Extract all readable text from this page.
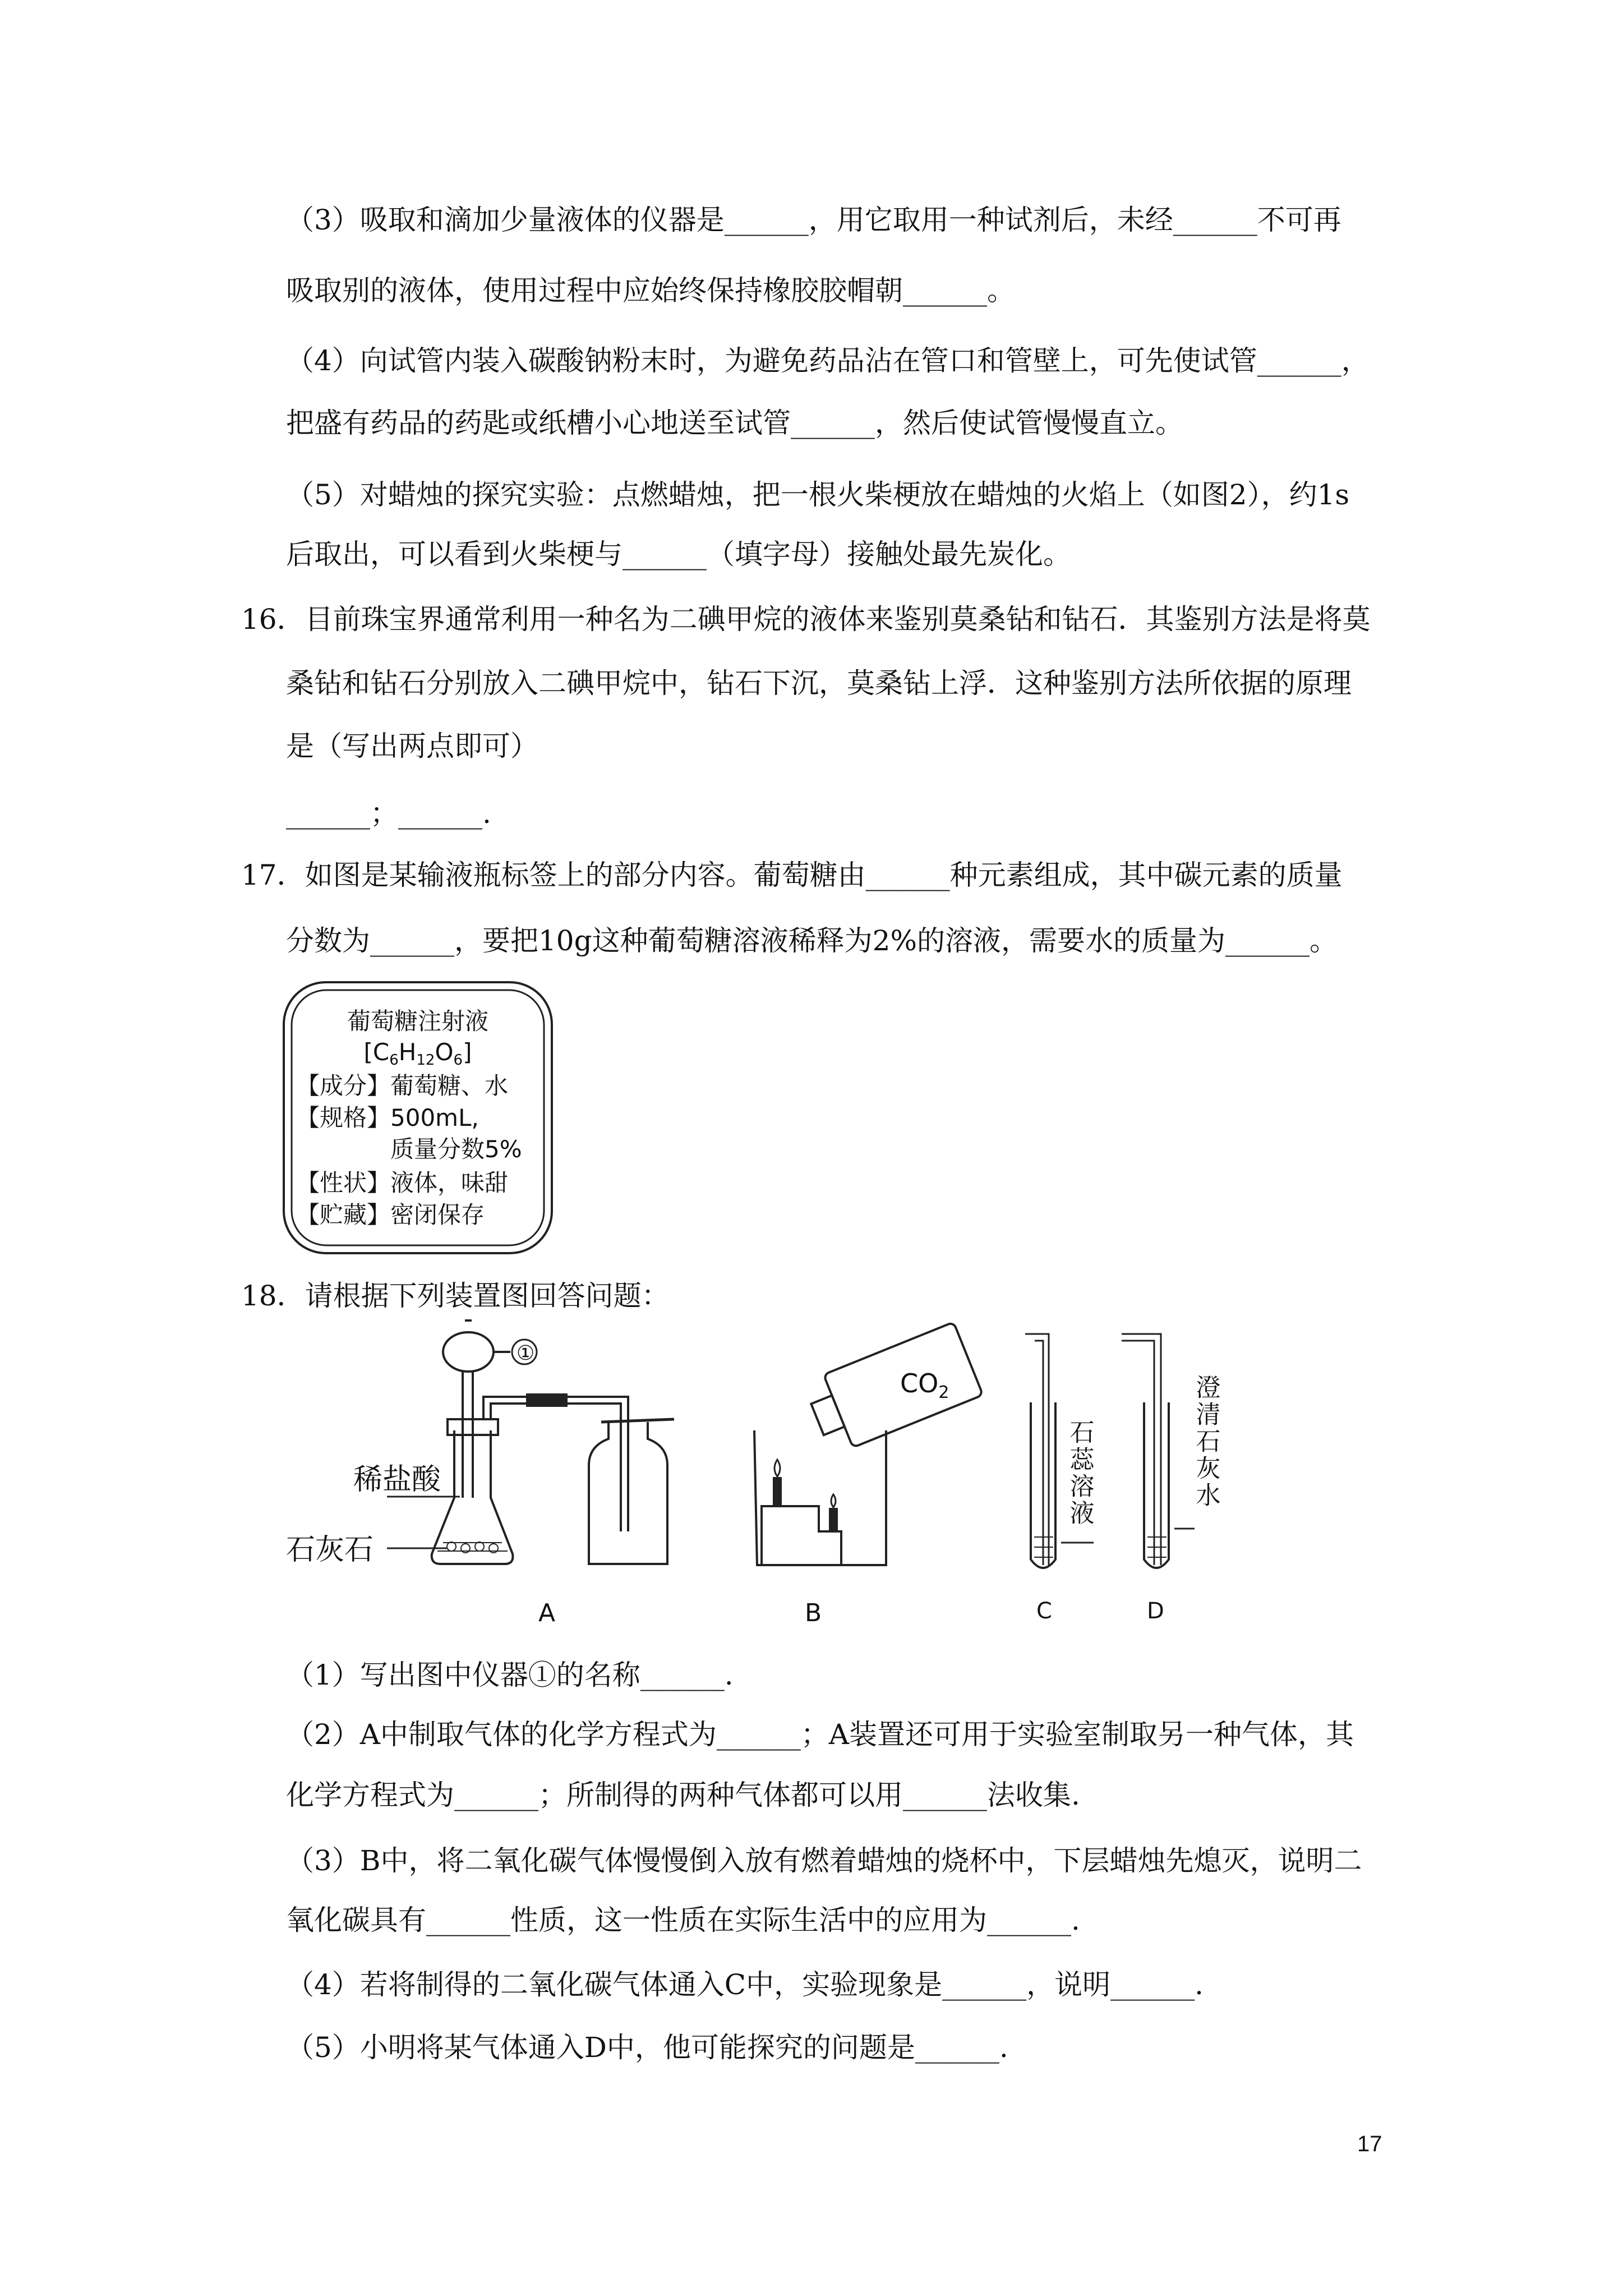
（3）吸取和滴加少量液体的仪器是______，用它取用一种试剂后，未经______不可再
吸取别的液体，使用过程中应始终保持橡胶胶帽朝______。
（4）向试管内装入碳酸钠粉末时，为避免药品沾在管口和管壁上，可先使试管______，
把盛有药品的药匙或纸槽小心地送至试管______，然后使试管慢慢直立。
（5）对蜡烛的探究实验：点燃蜡烛，把一根火柴梗放在蜡烛的火焰上（如图2），约1s
后取出，可以看到火柴梗与______（填字母）接触处最先炭化。
16．目前珠宝界通常利用一种名为二碘甲烷的液体来鉴别莫桑钻和钻石．其鉴别方法是将莫
桑钻和钻石分别放入二碘甲烷中，钻石下沉，莫桑钻上浮．这种鉴别方法所依据的原理
是（写出两点即可）
______；______.
17．如图是某输液瓶标签上的部分内容。葡萄糖由______种元素组成，其中碳元素的质量
分数为______，要把10g这种葡萄糖溶液稀释为2%的溶液，需要水的质量为______。
18．请根据下列装置图回答问题：
（1）写出图中仪器①的名称______.
（2）A中制取气体的化学方程式为______；A装置还可用于实验室制取另一种气体，其
化学方程式为______；所制得的两种气体都可以用______法收集.
（3）B中，将二氧化碳气体慢慢倒入放有燃着蜡烛的烧杯中，下层蜡烛先熄灭，说明二
氧化碳具有______性质，这一性质在实际生活中的应用为______.
（4）若将制得的二氧化碳气体通入C中，实验现象是______，说明______.
（5）小明将某气体通入D中，他可能探究的问题是______.
葡萄糖注射液
[C6H12O6]
【成分】葡萄糖、水
【规格】500mL,
质量分数5%
【性状】液体，味甜
【贮藏】密闭保存
①
稀盐酸
石灰石
$CO_2$
石蕊溶液	澄清石灰水
A	B	C	D
17
